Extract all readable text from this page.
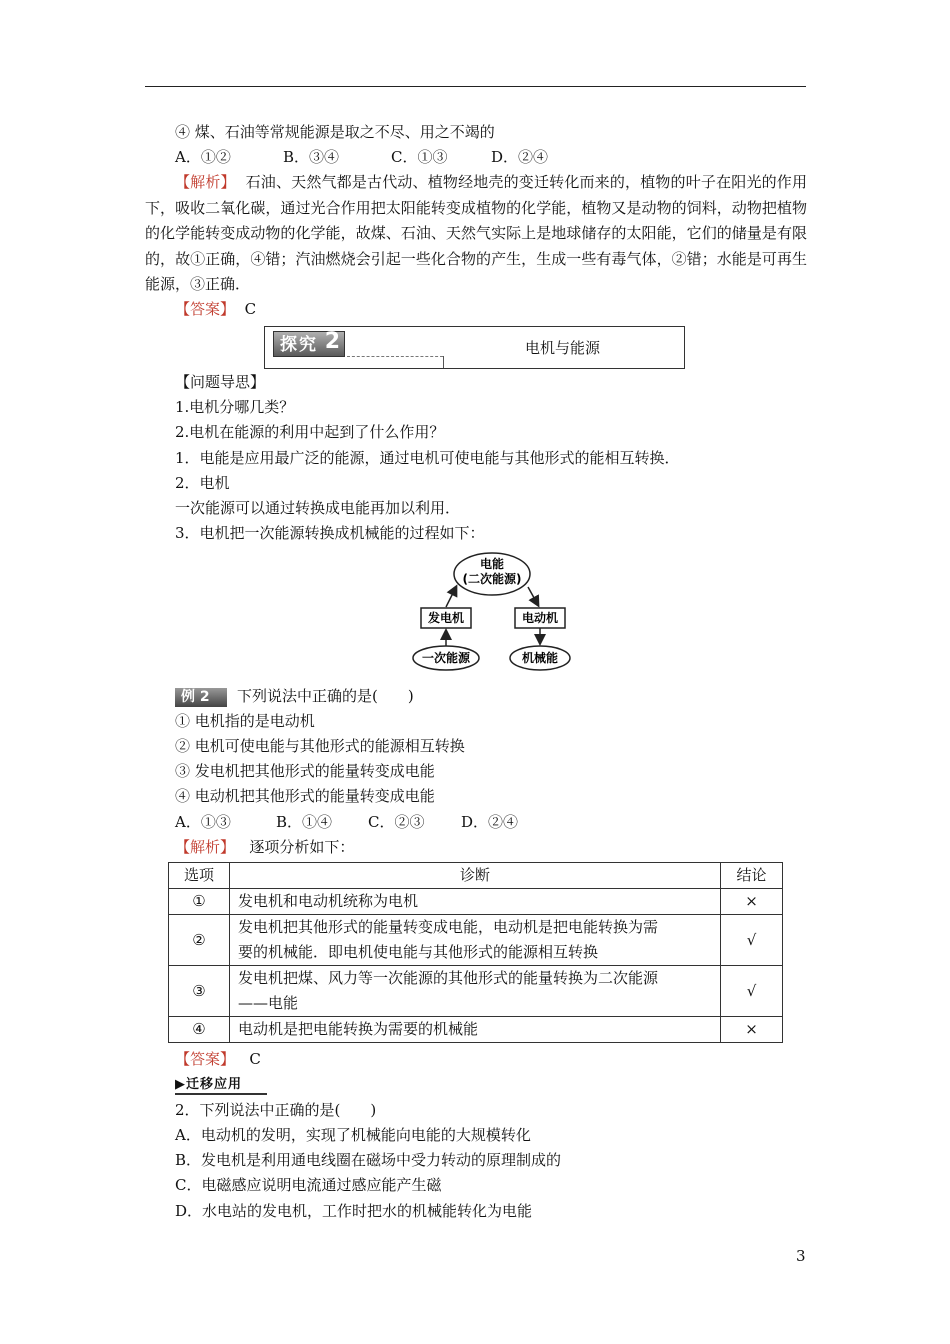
④ 煤、石油等常规能源是取之不尽、用之不竭的
A．①②	B．③④	C．①③	D．②④
【解析】 石油、天然气都是古代动、植物经地壳的变迁转化而来的，植物的叶子在阳光的作用下，吸收二氧化碳，通过光合作用把太阳能转变成植物的化学能，植物又是动物的饲料，动物把植物的化学能转变成动物的化学能，故煤、石油、天然气实际上是地球储存的太阳能，它们的储量是有限的，故①正确，④错；汽油燃烧会引起一些化合物的产生，生成一些有毒气体，②错；水能是可再生能源，③正确．
【答案】 C
探究 2	电机与能源
【问题导思】
1.电机分哪几类？
2.电机在能源的利用中起到了什么作用？
1．电能是应用最广泛的能源，通过电机可使电能与其他形式的能相互转换．
2．电机
一次能源可以通过转换成电能再加以利用．
3．电机把一次能源转换成机械能的过程如下：
电能
(二次能源)
发电机	电动机
一次能源	机械能
例 2 下列说法中正确的是(　　)
① 电机指的是电动机
② 电机可使电能与其他形式的能源相互转换
③ 发电机把其他形式的能量转变成电能
④ 电动机把其他形式的能量转变成电能
A．①③	B．①④ C．②③ D．②④
【解析】 逐项分析如下：
选项	诊断	结论
①	发电机和电动机统称为电机	×
②	发电机把其他形式的能量转变成电能，电动机是把电能转换为需
要的机械能．即电机使电能与其他形式的能源相互转换	√
③	发电机把煤、风力等一次能源的其他形式的能量转换为二次能源
——电能	√
④	电动机是把电能转换为需要的机械能	×
【答案】 C
▶迁移应用
2．下列说法中正确的是(　　)
A．电动机的发明，实现了机械能向电能的大规模转化
B．发电机是利用通电线圈在磁场中受力转动的原理制成的
C．电磁感应说明电流通过感应能产生磁
D．水电站的发电机，工作时把水的机械能转化为电能
3
